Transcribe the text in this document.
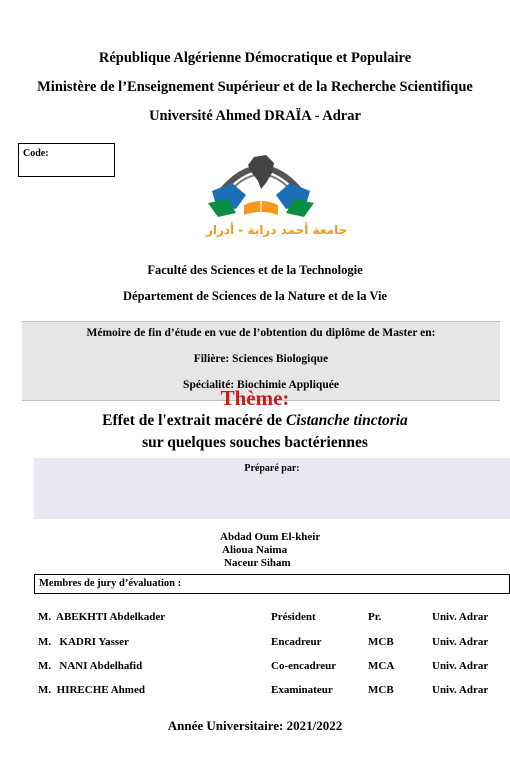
République Algérienne Démocratique et Populaire
Ministère de l’Enseignement Supérieur et de la Recherche Scientifique
Université Ahmed DRAÏA - Adrar
Code:
جامعة أحمد دراية - أدرار
Faculté des Sciences et de la Technologie
Département de Sciences de la Nature et de la Vie
Mémoire de fin d’étude en vue de l’obtention du diplôme de Master en:
Filière: Sciences Biologique
Spécialité: Biochimie Appliquée
Thème:
Effet de l'extrait macéré de Cistanche tinctoria
sur quelques souches bactériennes
Préparé par:
Abdad Oum El-kheir
Alioua Naima
Naceur Siham
Membres de jury d’évaluation :
M.  ABEKHTI Abdelkader	Président	Pr.	Univ. Adrar
M.   KADRI Yasser	Encadreur	MCB	Univ. Adrar
M.   NANI Abdelhafid	Co-encadreur	MCA	Univ. Adrar
M.  HIRECHE Ahmed	Examinateur	MCB	Univ. Adrar
Année Universitaire: 2021/2022
